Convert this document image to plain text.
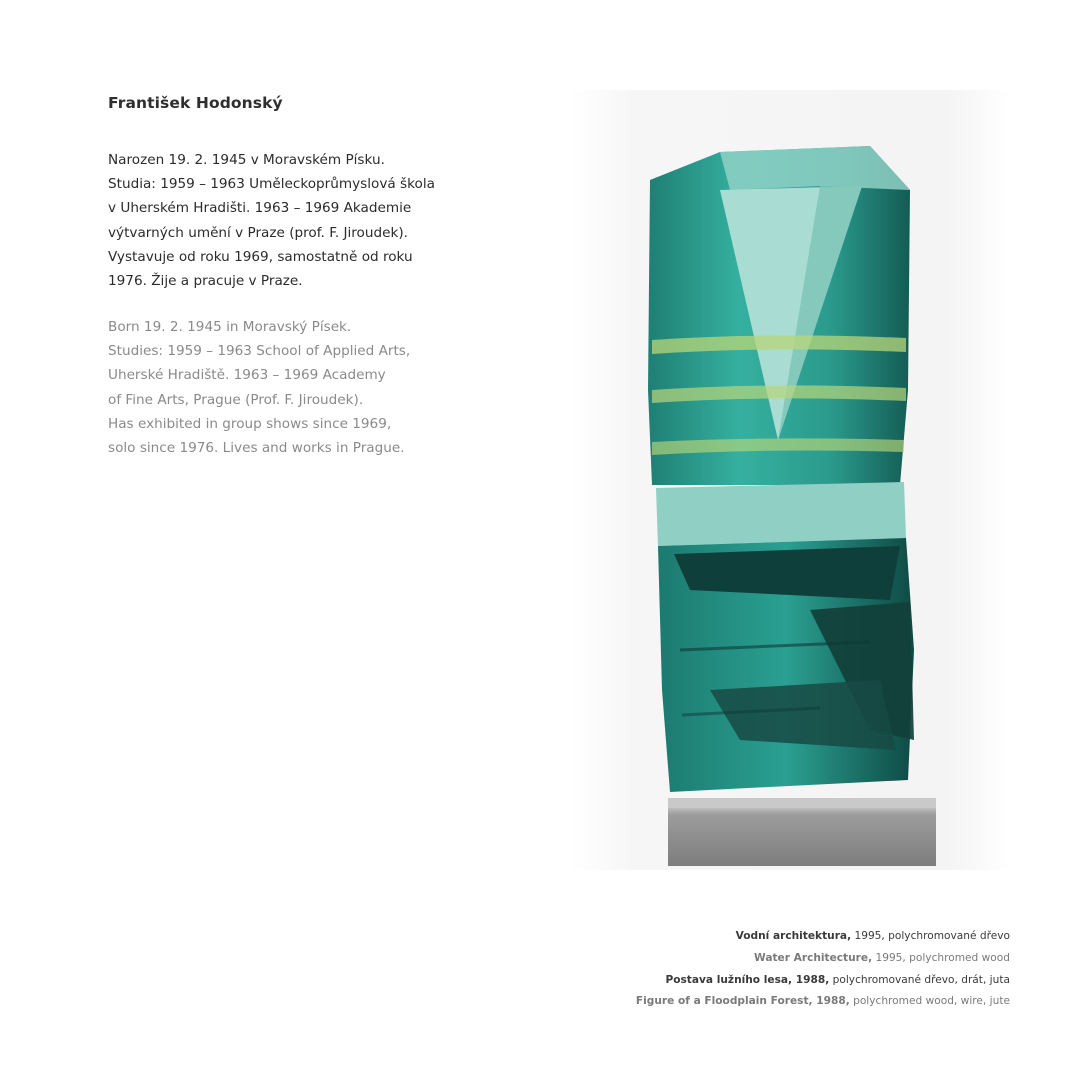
František Hodonský
Narozen 19. 2. 1945 v Moravském Písku.
Studia: 1959 – 1963 Uměleckoprůmyslová škola
v Uherském Hradišti. 1963 – 1969 Akademie
výtvarných umění v Praze (prof. F. Jiroudek).
Vystavuje od roku 1969, samostatně od roku
1976. Žije a pracuje v Praze.
Born 19. 2. 1945 in Moravský Písek.
Studies: 1959 – 1963 School of Applied Arts,
Uherské Hradiště. 1963 – 1969 Academy
of Fine Arts, Prague (Prof. F. Jiroudek).
Has exhibited in group shows since 1969,
solo since 1976. Lives and works in Prague.
Vodní architektura, 1995, polychromované dřevo
Water Architecture, 1995, polychromed wood
Postava lužního lesa, 1988, polychromované dřevo, drát, juta
Figure of a Floodplain Forest, 1988, polychromed wood, wire, jute
